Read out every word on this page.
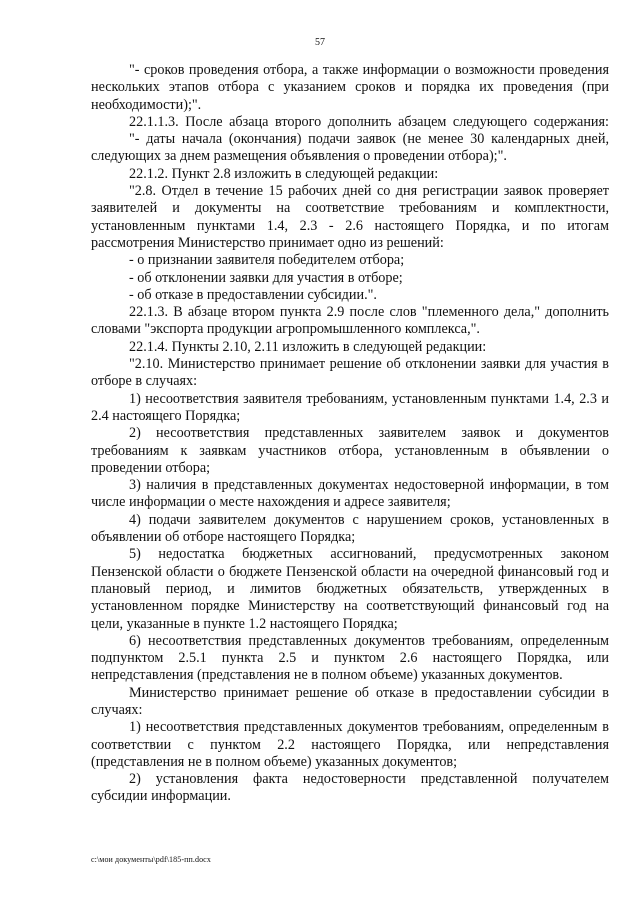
57

"- сроков проведения отбора, а также информации о возможности проведения нескольких этапов отбора с указанием сроков и порядка их проведения (при необходимости);".

22.1.1.3. После абзаца второго дополнить абзацем следующего содержания:

"- даты начала (окончания) подачи заявок (не менее 30 календарных дней, следующих за днем размещения объявления о проведении отбора);".

22.1.2. Пункт 2.8 изложить в следующей редакции:

"2.8. Отдел в течение 15 рабочих дней со дня регистрации заявок проверяет заявителей и документы на соответствие требованиям и комплектности, установленным пунктами 1.4, 2.3 - 2.6 настоящего Порядка, и по итогам рассмотрения Министерство принимает одно из решений:

- о признании заявителя победителем отбора;

- об отклонении заявки для участия в отборе;

- об отказе в предоставлении субсидии.".

22.1.3. В абзаце втором пункта 2.9 после слов "племенного дела," дополнить словами "экспорта продукции агропромышленного комплекса,".

22.1.4. Пункты 2.10, 2.11 изложить в следующей редакции:

"2.10. Министерство принимает решение об отклонении заявки для участия в отборе в случаях:

1) несоответствия заявителя требованиям, установленным пунктами 1.4, 2.3 и 2.4 настоящего Порядка;

2) несоответствия представленных заявителем заявок и документов требованиям к заявкам участников отбора, установленным в объявлении о проведении отбора;

3) наличия в представленных документах недостоверной информации, в том числе информации о месте нахождения и адресе заявителя;

4) подачи заявителем документов с нарушением сроков, установленных в объявлении об отборе настоящего Порядка;

5) недостатка бюджетных ассигнований, предусмотренных законом Пензенской области о бюджете Пензенской области на очередной финансовый год и плановый период, и лимитов бюджетных обязательств, утвержденных в установленном порядке Министерству на соответствующий финансовый год на цели, указанные в пункте 1.2 настоящего Порядка;

6) несоответствия представленных документов требованиям, определенным подпунктом 2.5.1 пункта 2.5 и пунктом 2.6 настоящего Порядка, или непредставления (представления не в полном объеме) указанных документов.

Министерство принимает решение об отказе в предоставлении субсидии в случаях:

1) несоответствия представленных документов требованиям, определенным в соответствии с пунктом 2.2 настоящего Порядка, или непредставления (представления не в полном объеме) указанных документов;

2) установления факта недостоверности представленной получателем субсидии информации.

c:\мои документы\pdf\185-пп.docx
